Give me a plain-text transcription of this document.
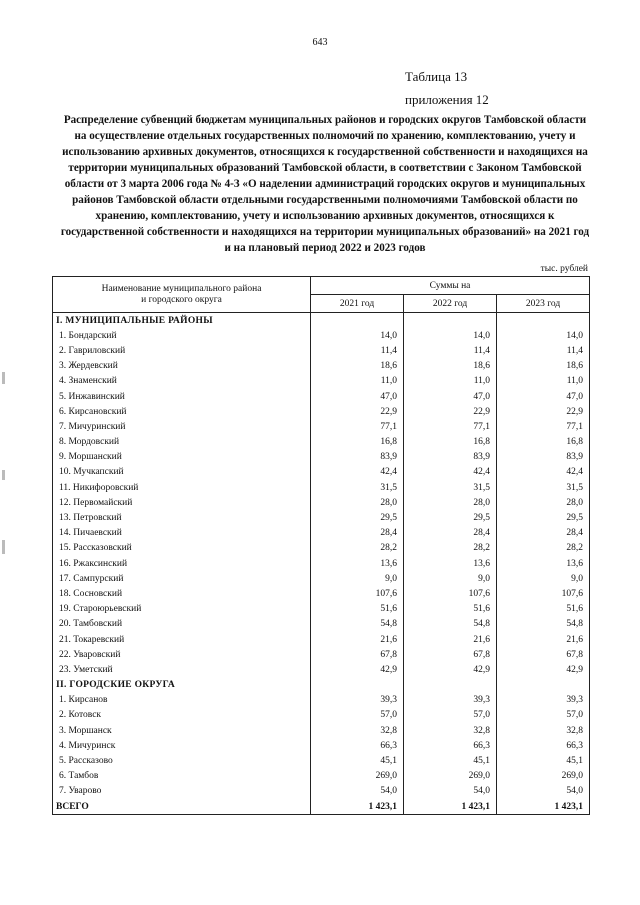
643
Таблица 13
приложения 12
Распределение субвенций бюджетам муниципальных районов и городских округов Тамбовской области на осуществление отдельных государственных полномочий по хранению, комплектованию, учету и использованию архивных документов, относящихся к государственной собственности и находящихся на территории муниципальных образований Тамбовской области, в соответствии с Законом Тамбовской области от 3 марта 2006 года № 4-З «О наделении администраций городских округов и муниципальных районов Тамбовской области отдельными государственными полномочиями Тамбовской области по хранению, комплектованию, учету и использованию архивных документов, относящихся к государственной собственности и находящихся на территории муниципальных образований» на 2021 год и на плановый период 2022 и 2023 годов
тыс. рублей
Наименование муниципального района
и городского округа	Суммы на		
	2021 год	2022 год	2023 год
I. МУНИЦИПАЛЬНЫЕ РАЙОНЫ			
1. Бондарский	14,0	14,0	14,0
2. Гавриловский	11,4	11,4	11,4
3. Жердевский	18,6	18,6	18,6
4. Знаменский	11,0	11,0	11,0
5. Инжавинский	47,0	47,0	47,0
6. Кирсановский	22,9	22,9	22,9
7. Мичуринский	77,1	77,1	77,1
8. Мордовский	16,8	16,8	16,8
9. Моршанский	83,9	83,9	83,9
10. Мучкапский	42,4	42,4	42,4
11. Никифоровский	31,5	31,5	31,5
12. Первомайский	28,0	28,0	28,0
13. Петровский	29,5	29,5	29,5
14. Пичаевский	28,4	28,4	28,4
15. Рассказовский	28,2	28,2	28,2
16. Ржаксинский	13,6	13,6	13,6
17. Сампурский	9,0	9,0	9,0
18. Сосновский	107,6	107,6	107,6
19. Староюрьевский	51,6	51,6	51,6
20. Тамбовский	54,8	54,8	54,8
21. Токаревский	21,6	21,6	21,6
22. Уваровский	67,8	67,8	67,8
23. Уметский	42,9	42,9	42,9
II. ГОРОДСКИЕ ОКРУГА			
1. Кирсанов	39,3	39,3	39,3
2. Котовск	57,0	57,0	57,0
3. Моршанск	32,8	32,8	32,8
4. Мичуринск	66,3	66,3	66,3
5. Рассказово	45,1	45,1	45,1
6. Тамбов	269,0	269,0	269,0
7. Уварово	54,0	54,0	54,0
ВСЕГО	1 423,1	1 423,1	1 423,1
